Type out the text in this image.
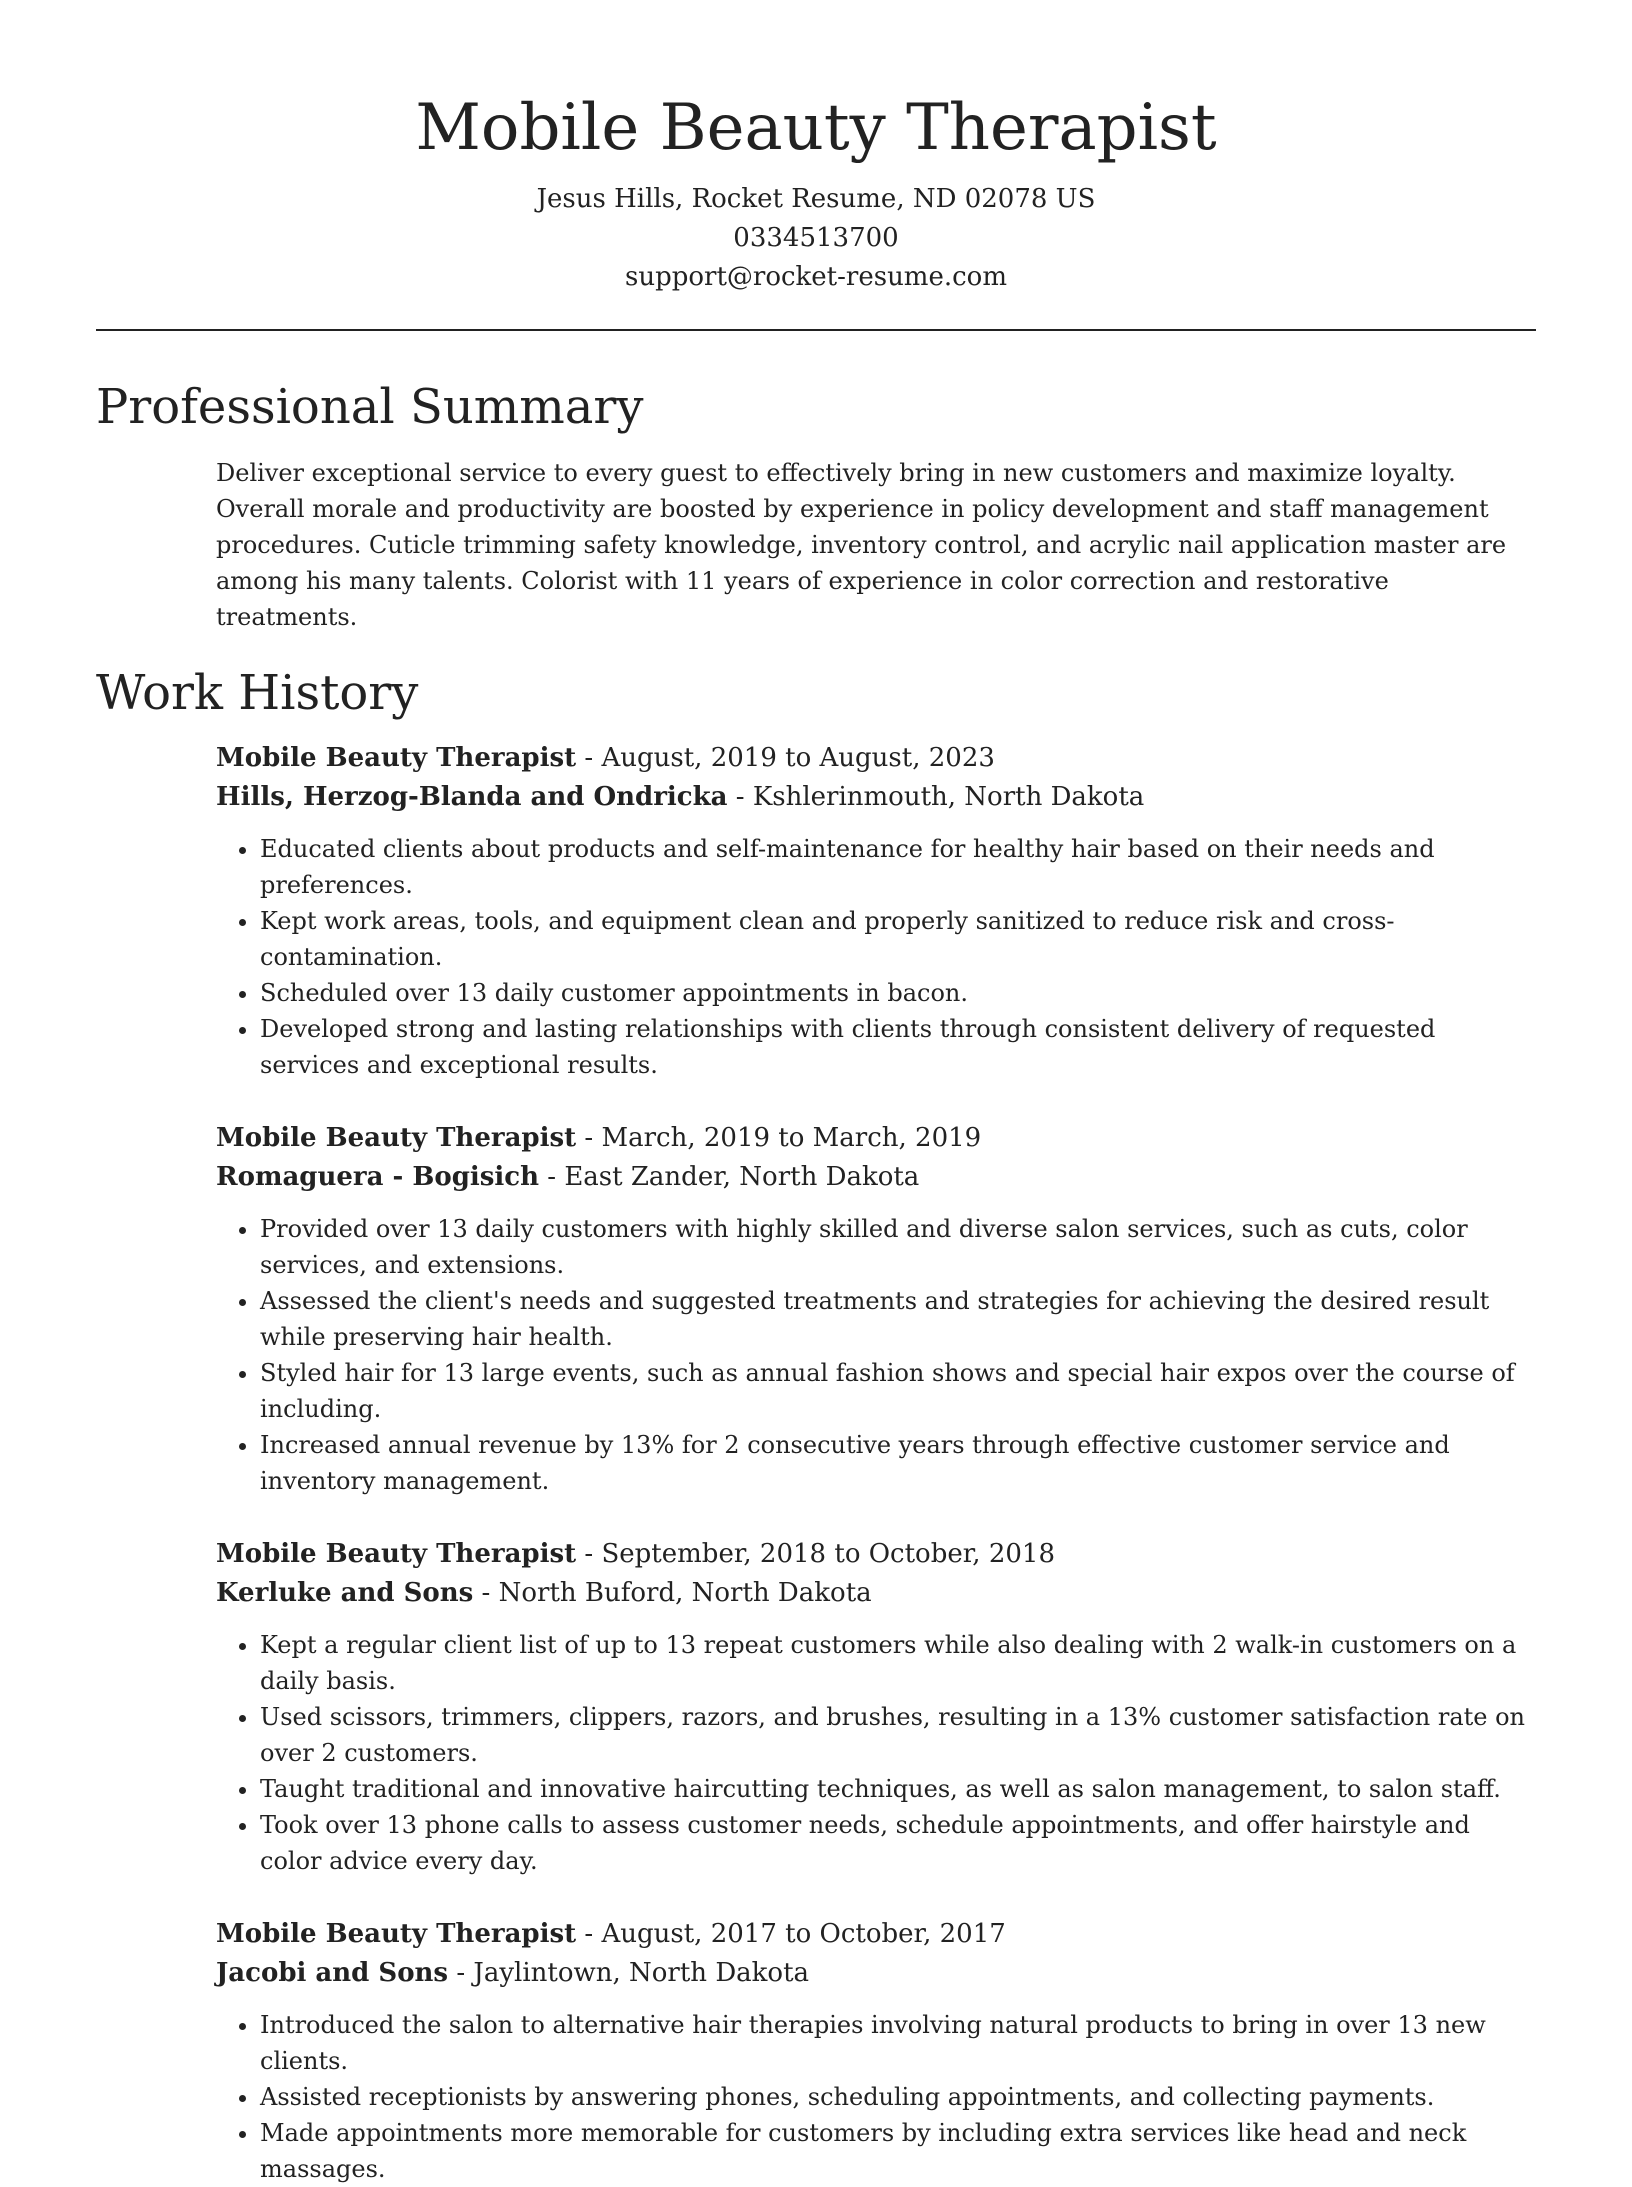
Mobile Beauty Therapist
Jesus Hills, Rocket Resume, ND 02078 US
0334513700
support@rocket-resume.com
Professional Summary

Deliver exceptional service to every guest to effectively bring in new customers and maximize loyalty. Overall morale and productivity are boosted by experience in policy development and staff management procedures. Cuticle trimming safety knowledge, inventory control, and acrylic nail application master are among his many talents. Colorist with 11 years of experience in color correction and restorative treatments.

Work History
Mobile Beauty Therapist - August, 2019 to August, 2023
Hills, Herzog-Blanda and Ondricka - Kshlerinmouth, North Dakota
• Educated clients about products and self-maintenance for healthy hair based on their needs and preferences.
• Kept work areas, tools, and equipment clean and properly sanitized to reduce risk and cross-contamination.
• Scheduled over 13 daily customer appointments in bacon.
• Developed strong and lasting relationships with clients through consistent delivery of requested services and exceptional results.
Mobile Beauty Therapist - March, 2019 to March, 2019
Romaguera - Bogisich - East Zander, North Dakota
• Provided over 13 daily customers with highly skilled and diverse salon services, such as cuts, color services, and extensions.
• Assessed the client's needs and suggested treatments and strategies for achieving the desired result while preserving hair health.
• Styled hair for 13 large events, such as annual fashion shows and special hair expos over the course of including.
• Increased annual revenue by 13% for 2 consecutive years through effective customer service and inventory management.
Mobile Beauty Therapist - September, 2018 to October, 2018
Kerluke and Sons - North Buford, North Dakota
• Kept a regular client list of up to 13 repeat customers while also dealing with 2 walk-in customers on a daily basis.
• Used scissors, trimmers, clippers, razors, and brushes, resulting in a 13% customer satisfaction rate on over 2 customers.
• Taught traditional and innovative haircutting techniques, as well as salon management, to salon staff.
• Took over 13 phone calls to assess customer needs, schedule appointments, and offer hairstyle and color advice every day.
Mobile Beauty Therapist - August, 2017 to October, 2017
Jacobi and Sons - Jaylintown, North Dakota
• Introduced the salon to alternative hair therapies involving natural products to bring in over 13 new clients.
• Assisted receptionists by answering phones, scheduling appointments, and collecting payments.
• Made appointments more memorable for customers by including extra services like head and neck massages.
